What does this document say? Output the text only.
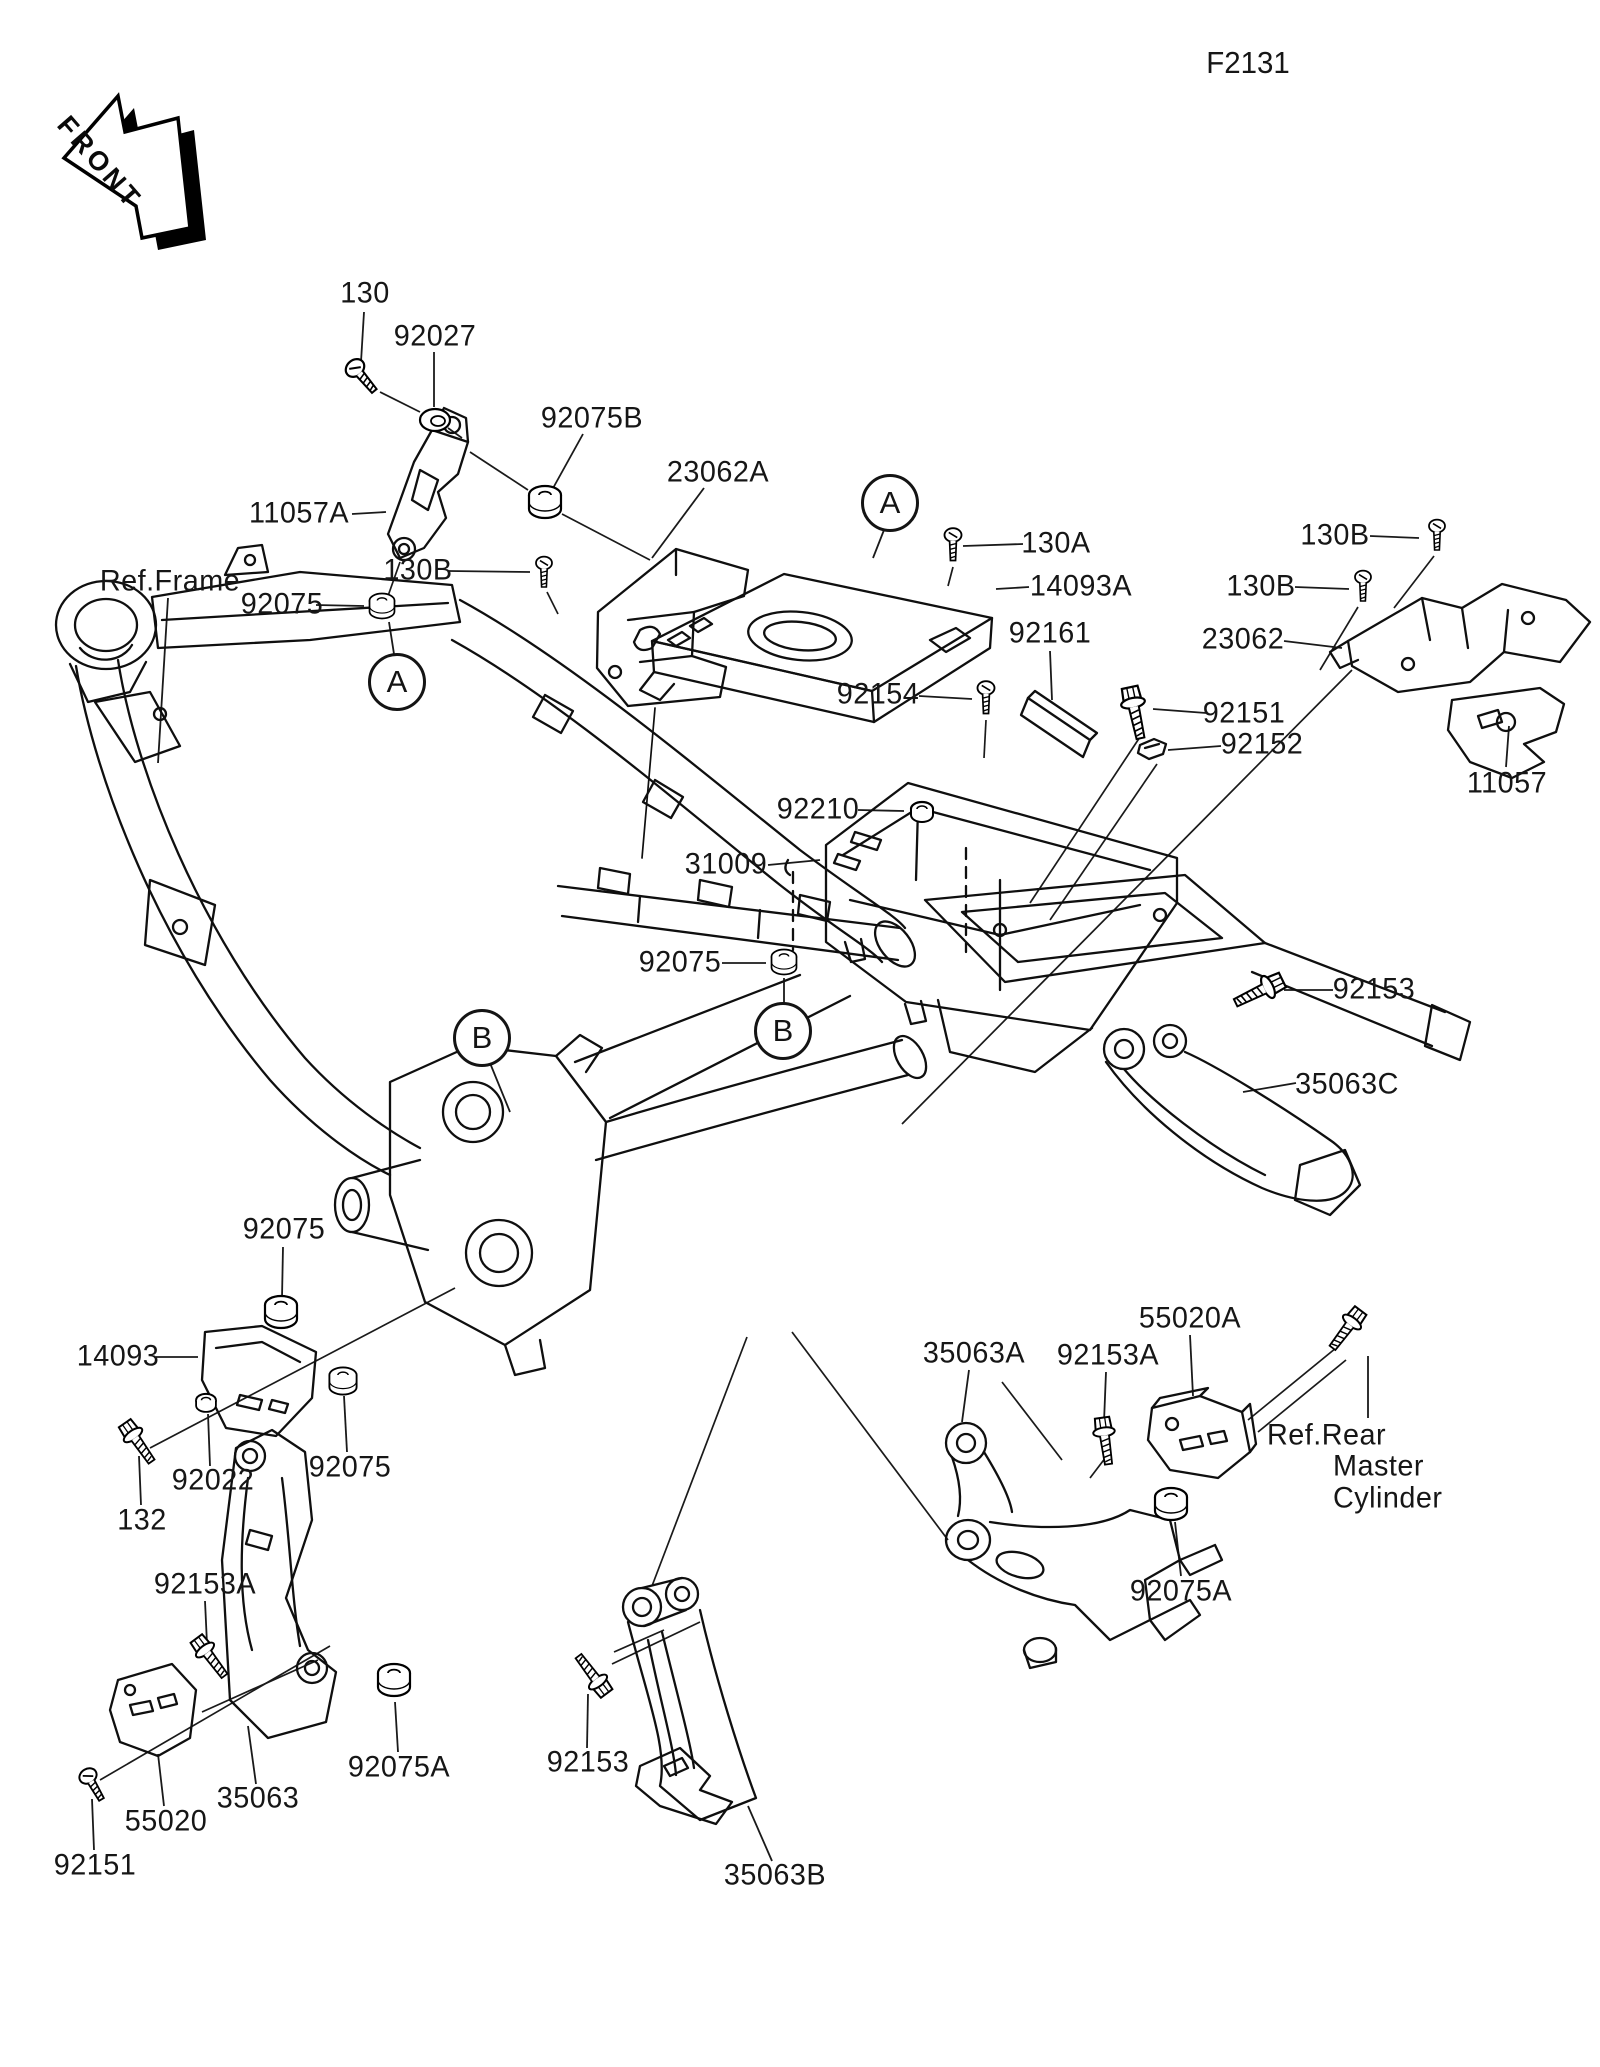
F2131
FRONT
130
92027
92075B
23062A
11057A
Ref.Frame
92075
130B
130A
14093A
92161
92154
130B
130B
23062
92151
92152
11057
92210
31009
92075
92153
35063C
92075
14093
92022
132
92075
92153A
35063A 92153A
55020A
Ref.Rear
Master
Cylinder
92075A
92075A
35063
55020
92151
92153
35063B
A
A
B	B
